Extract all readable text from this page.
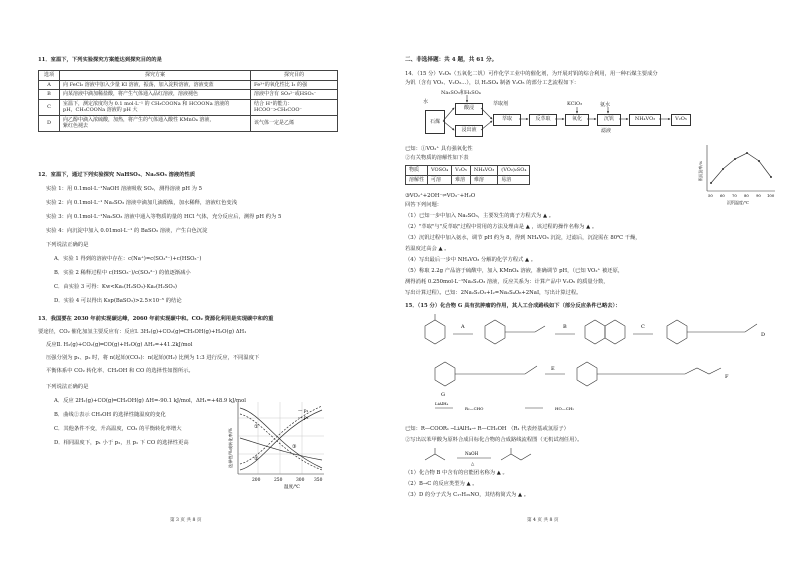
11．室温下，下列实验探究方案能达到探究目的的是
选项	探究方案	探究目的
A	向 FeCl₂ 溶液中加入少量 KI 溶液，振荡，加入淀粉溶液，溶液变蓝	Fe³⁺的氧化性比 I₂ 的强
B	向某溶液中滴加稀盐酸，将产生气体通入品红溶液，溶液褪色	溶液中含有 SO₃²⁻或HSO₃⁻
C	室温下，测定浓度均为 0.1 mol·L⁻¹ 的 CH₃COONa 和 HCOONa 溶液的
pH，CH₃COONa 溶液的 pH 大	结合 H⁺的能力：
HCOO⁻>CH₃COO⁻
D	向乙醇中滴入浓硫酸，加热，将产生的气体通入酸性 KMnO₄ 溶液，
紫红色褪去	该气体一定是乙烯
12．室温下，通过下列实验探究 NaHSO₃、Na₂SO₃ 溶液的性质
实验 1：用 0.1mol·L⁻¹NaOH 溶液吸收 SO₂，测得溶液 pH 为 5
实验 2：向 0.1mol·L⁻¹ Na₂SO₃ 溶液中滴加几滴酚酞，加水稀释，溶液红色变浅
实验 3：向 0.1mol·L⁻¹Na₂SO₃ 溶液中通入等物质的量的 HCl 气体，充分反应后，测得 pH 约为 5
实验 4：向沉淀中加入 0.01mol·L⁻¹ 的 BaSO₃ 溶液，产生白色沉淀
下列说法正确的是
A．实验 1 得到的溶液中存在：c(Na⁺)=c(SO₃²⁻)+c(HSO₃⁻)
B．实验 2 稀释过程中 c(HSO₃⁻)/c(SO₃²⁻) 的值逐渐减小
C．由实验 3 可得：Kw<Ka₁(H₂SO₃)·Ka₂(H₂SO₃)
D．实验 4 可以得出 Ksp(BaSO₃)>2.5×10⁻⁵ 的结论
13．我国要在 2030 年前实现碳达峰，2060 年前实现碳中和。CO₂ 资源化利用是实现碳中和的重
要途径，CO₂ 催化加氢主要反应有：反应Ⅰ. 3H₂(g)+CO₂(g)═CH₃OH(g)+H₂O(g) ΔH₁
反应Ⅱ. H₂(g)+CO₂(g)═CO(g)+H₂O(g) ΔH₂=+41.2kJ/mol
压强分别为 p₁、p₂ 时，将 n(起始)(CO₂)：n(起始)(H₂) 比例为 1:3 进行反应，不同温度下
平衡体系中 CO₂ 转化率、CH₃OH 和 CO 的选择性如图所示。
下列说法正确的是
A．反应 2H₂(g)+CO(g)═CH₃OH(g) ΔH=-90.1 kJ/mol，ΔH₁=+48.9 kJ/mol
B．曲线②表示 CH₃OH 的选择性随温度的变化
C．其他条件不变，升高温度，CO₂ 的平衡转化率增大
D．相同温度下，p₁ 小于 p₂，且 p₁ 下 CO 的选择性更高
①
②
③
— p₁
--- p₂
200	250	300 350
温度/℃
选择性/%或转化率/%
第 3 页 共 8 页
二、非选择题：共 4 题，共 61 分。
14．（15 分）V₂O₅（五氧化二钒）可作化学工业中的催化剂，为开展对钒的综合利用，用一种石煤主要成分
为钒（含有 VO₂、V₂O₃…），以 H₂SO₄ 制备 V₂O₅ 的部分工艺流程如下：
Na₂SO₃和H₂SO₄
水
石煤
酸浸
浸出液
萃取
萃取剂
反萃取	氧化
KClO₃
沉钒
氨水
滤液
NH₄VO₃	V₂O₅
已知：①VO₂⁺ 具有强氧化性
②有关物质的溶解性如下表
物质	VOSO₄	V₂O₅	NH₄VO₃	(VO₂)₂SO₄
溶解性	可溶	难溶	难溶	易溶
③VO₂⁺+2OH⁻⇌VO₃⁻+H₂O
回答下列问题：
（1）已知一步中加入 Na₂SO₃，主要发生的离子方程式为 ▲ 。
（2）"萃取"与"反萃取"过程中常用的方法及理由是 ▲ ，该过程的操作名称为 ▲ 。
（3）沉钒过程中加入氨水，调节 pH 约为 8，得到 NH₄VO₃ 沉淀，过滤后，沉淀需在 80℃ 干燥，
若温度过高会 ▲ 。
（4）写出最后一步中 NH₄VO₃ 分解的化学方程式 ▲ 。
（5）称取 2.2g 产品溶于硫酸中，加入 KMnO₄ 溶液，准确调节 pH，（已知 VO₂⁺ 被还原，
测得消耗 0.250mol·L⁻¹Na₂S₂O₃ 溶液，反应关系为：计算产品中 V₂O₅ 的质量分数，
写出计算过程）。已知：2Na₂S₂O₃+I₂=Na₂S₄O₆+2NaI，写出计算过程。
50 60 70 80 90 100
沉钒温度/℃
钒沉淀率/%
15．（15 分）化合物 G 具有抗肿瘤的作用，其人工合成路线如下（部分反应条件已略去）：
A	B	C
D
E
F
G
LiAlH₄
R₂—CHO	HO—CH₂
已知：R—COOR₁ ─LiAlH₄→ R—CH₂OH （R₁ 代表烃基或氢原子）
②写出以苯甲酸为原料合成目标化合物的合成路线流程图（无机试剂任用）。
NaOH
△
（1）化合物 B 中含有的官能团名称为 ▲ 。
（2）B→C 的反应类型为 ▲ 。
（3）D 的分子式为 C₁₇H₂₉NO，其结构简式为 ▲ 。
第 4 页 共 8 页
